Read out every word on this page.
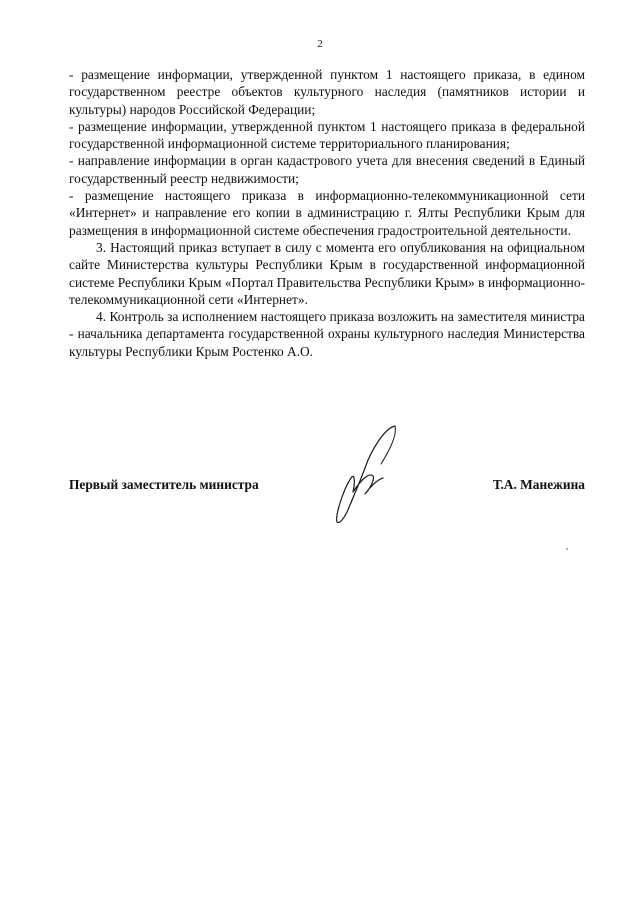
2

- размещение информации, утвержденной пунктом 1 настоящего приказа, в едином государственном реестре объектов культурного наследия (памятников истории и культуры) народов Российской Федерации;

- размещение информации, утвержденной пунктом 1 настоящего приказа в федеральной государственной информационной системе территориального планирования;

- направление информации в орган кадастрового учета для внесения сведений в Единый государственный реестр недвижимости;

- размещение настоящего приказа в информационно-телекоммуникационной сети «Интернет» и направление его копии в администрацию г. Ялты Республики Крым для размещения в информационной системе обеспечения градостроительной деятельности.

3. Настоящий приказ вступает в силу с момента его опубликования на официальном сайте Министерства культуры Республики Крым в государственной информационной системе Республики Крым «Портал Правительства Республики Крым» в информационно-телекоммуникационной сети «Интернет».

4. Контроль за исполнением настоящего приказа возложить на заместителя министра - начальника департамента государственной охраны культурного наследия Министерства культуры Республики Крым Ростенко А.О.

Первый заместитель министра	Т.А. Манежина
